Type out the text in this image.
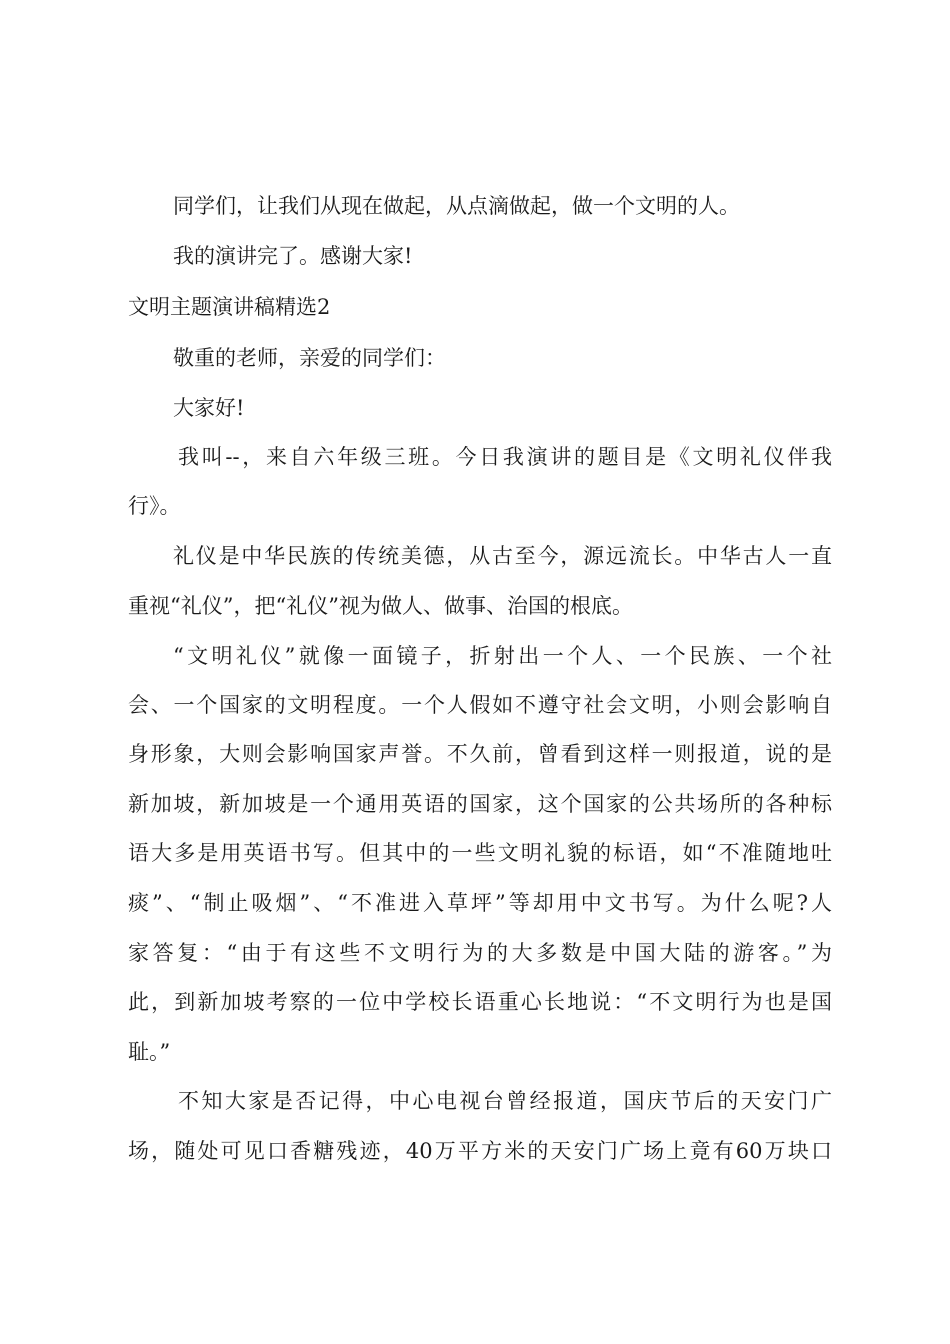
同学们，让我们从现在做起，从点滴做起，做一个文明的人。
我的演讲完了。感谢大家!
文明主题演讲稿精选2
敬重的老师，亲爱的同学们：
大家好!
我叫--，来自六年级三班。今日我演讲的题目是《文明礼仪伴我
行》。
礼仪是中华民族的传统美德，从古至今，源远流长。中华古人一直
重视“礼仪”，把“礼仪”视为做人、做事、治国的根底。
“文明礼仪”就像一面镜子，折射出一个人、一个民族、一个社
会、一个国家的文明程度。一个人假如不遵守社会文明，小则会影响自
身形象，大则会影响国家声誉。不久前，曾看到这样一则报道，说的是
新加坡，新加坡是一个通用英语的国家，这个国家的公共场所的各种标
语大多是用英语书写。但其中的一些文明礼貌的标语，如“不准随地吐
痰”、“制止吸烟”、“不准进入草坪”等却用中文书写。为什么呢?人
家答复：“由于有这些不文明行为的大多数是中国大陆的游客。”为
此，到新加坡考察的一位中学校长语重心长地说：“不文明行为也是国
耻。”
不知大家是否记得，中心电视台曾经报道，国庆节后的天安门广
场，随处可见口香糖残迹，40万平方米的天安门广场上竟有60万块口
